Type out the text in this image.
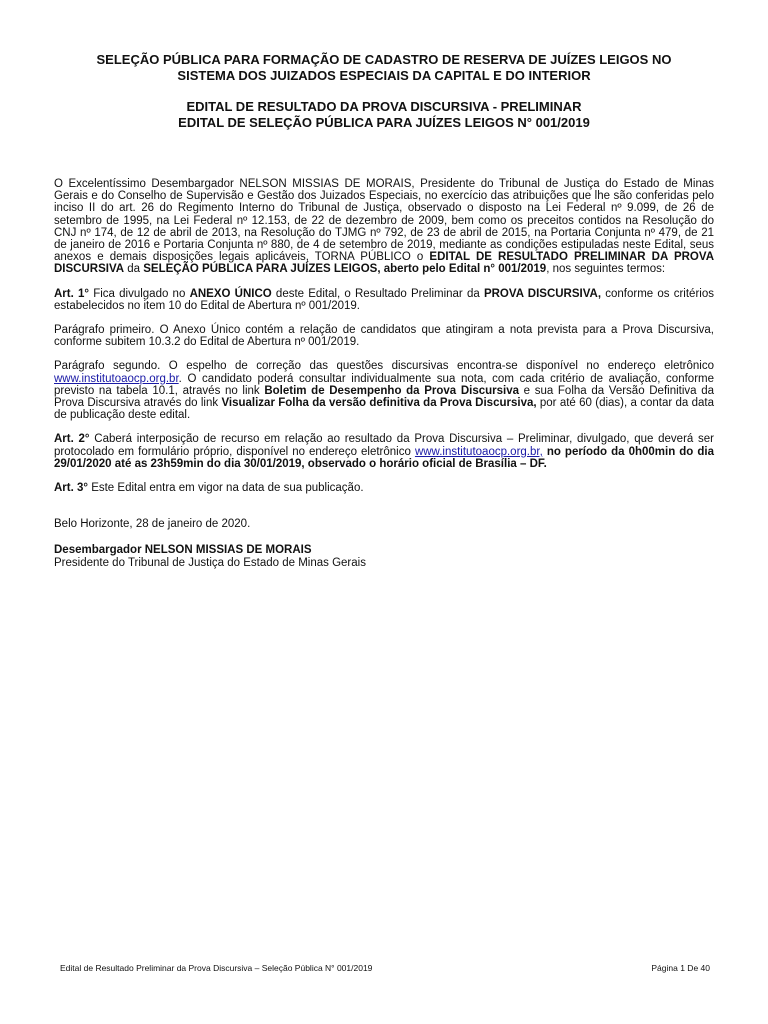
SELEÇÃO PÚBLICA PARA FORMAÇÃO DE CADASTRO DE RESERVA DE JUÍZES LEIGOS NO
SISTEMA DOS JUIZADOS ESPECIAIS DA CAPITAL E DO INTERIOR
EDITAL DE RESULTADO DA PROVA DISCURSIVA - PRELIMINAR
EDITAL DE SELEÇÃO PÚBLICA PARA JUÍZES LEIGOS N° 001/2019

O Excelentíssimo Desembargador NELSON MISSIAS DE MORAIS, Presidente do Tribunal de Justiça do Estado de Minas Gerais e do Conselho de Supervisão e Gestão dos Juizados Especiais, no exercício das atribuições que lhe são conferidas pelo inciso II do art. 26 do Regimento Interno do Tribunal de Justiça, observado o disposto na Lei Federal nº 9.099, de 26 de setembro de 1995, na Lei Federal nº 12.153, de 22 de dezembro de 2009, bem como os preceitos contidos na Resolução do CNJ nº 174, de 12 de abril de 2013, na Resolução do TJMG nº 792, de 23 de abril de 2015, na Portaria Conjunta nº 479, de 21 de janeiro de 2016 e Portaria Conjunta nº 880, de 4 de setembro de 2019, mediante as condições estipuladas neste Edital, seus anexos e demais disposições legais aplicáveis, TORNA PÚBLICO o EDITAL DE RESULTADO PRELIMINAR DA PROVA DISCURSIVA da SELEÇÃO PÚBLICA PARA JUÍZES LEIGOS, aberto pelo Edital n° 001/2019, nos seguintes termos:

Art. 1° Fica divulgado no ANEXO ÚNICO deste Edital, o Resultado Preliminar da PROVA DISCURSIVA, conforme os critérios estabelecidos no item 10 do Edital de Abertura nº 001/2019.

Parágrafo primeiro. O Anexo Único contém a relação de candidatos que atingiram a nota prevista para a Prova Discursiva, conforme subitem 10.3.2 do Edital de Abertura nº 001/2019.

Parágrafo segundo. O espelho de correção das questões discursivas encontra-se disponível no endereço eletrônico www.institutoaocp.org.br. O candidato poderá consultar individualmente sua nota, com cada critério de avaliação, conforme previsto na tabela 10.1, através no link Boletim de Desempenho da Prova Discursiva e sua Folha da Versão Definitiva da Prova Discursiva através do link Visualizar Folha da versão definitiva da Prova Discursiva, por até 60 (dias), a contar da data de publicação deste edital.

Art. 2° Caberá interposição de recurso em relação ao resultado da Prova Discursiva – Preliminar, divulgado, que deverá ser protocolado em formulário próprio, disponível no endereço eletrônico www.institutoaocp.org.br, no período da 0h00min do dia 29/01/2020 até as 23h59min do dia 30/01/2019, observado o horário oficial de Brasília – DF.

Art. 3° Este Edital entra em vigor na data de sua publicação.

Belo Horizonte, 28 de janeiro de 2020.
Desembargador NELSON MISSIAS DE MORAIS
Presidente do Tribunal de Justiça do Estado de Minas Gerais
Edital de Resultado Preliminar da Prova Discursiva – Seleção Pública N° 001/2019	Página 1 De 40
